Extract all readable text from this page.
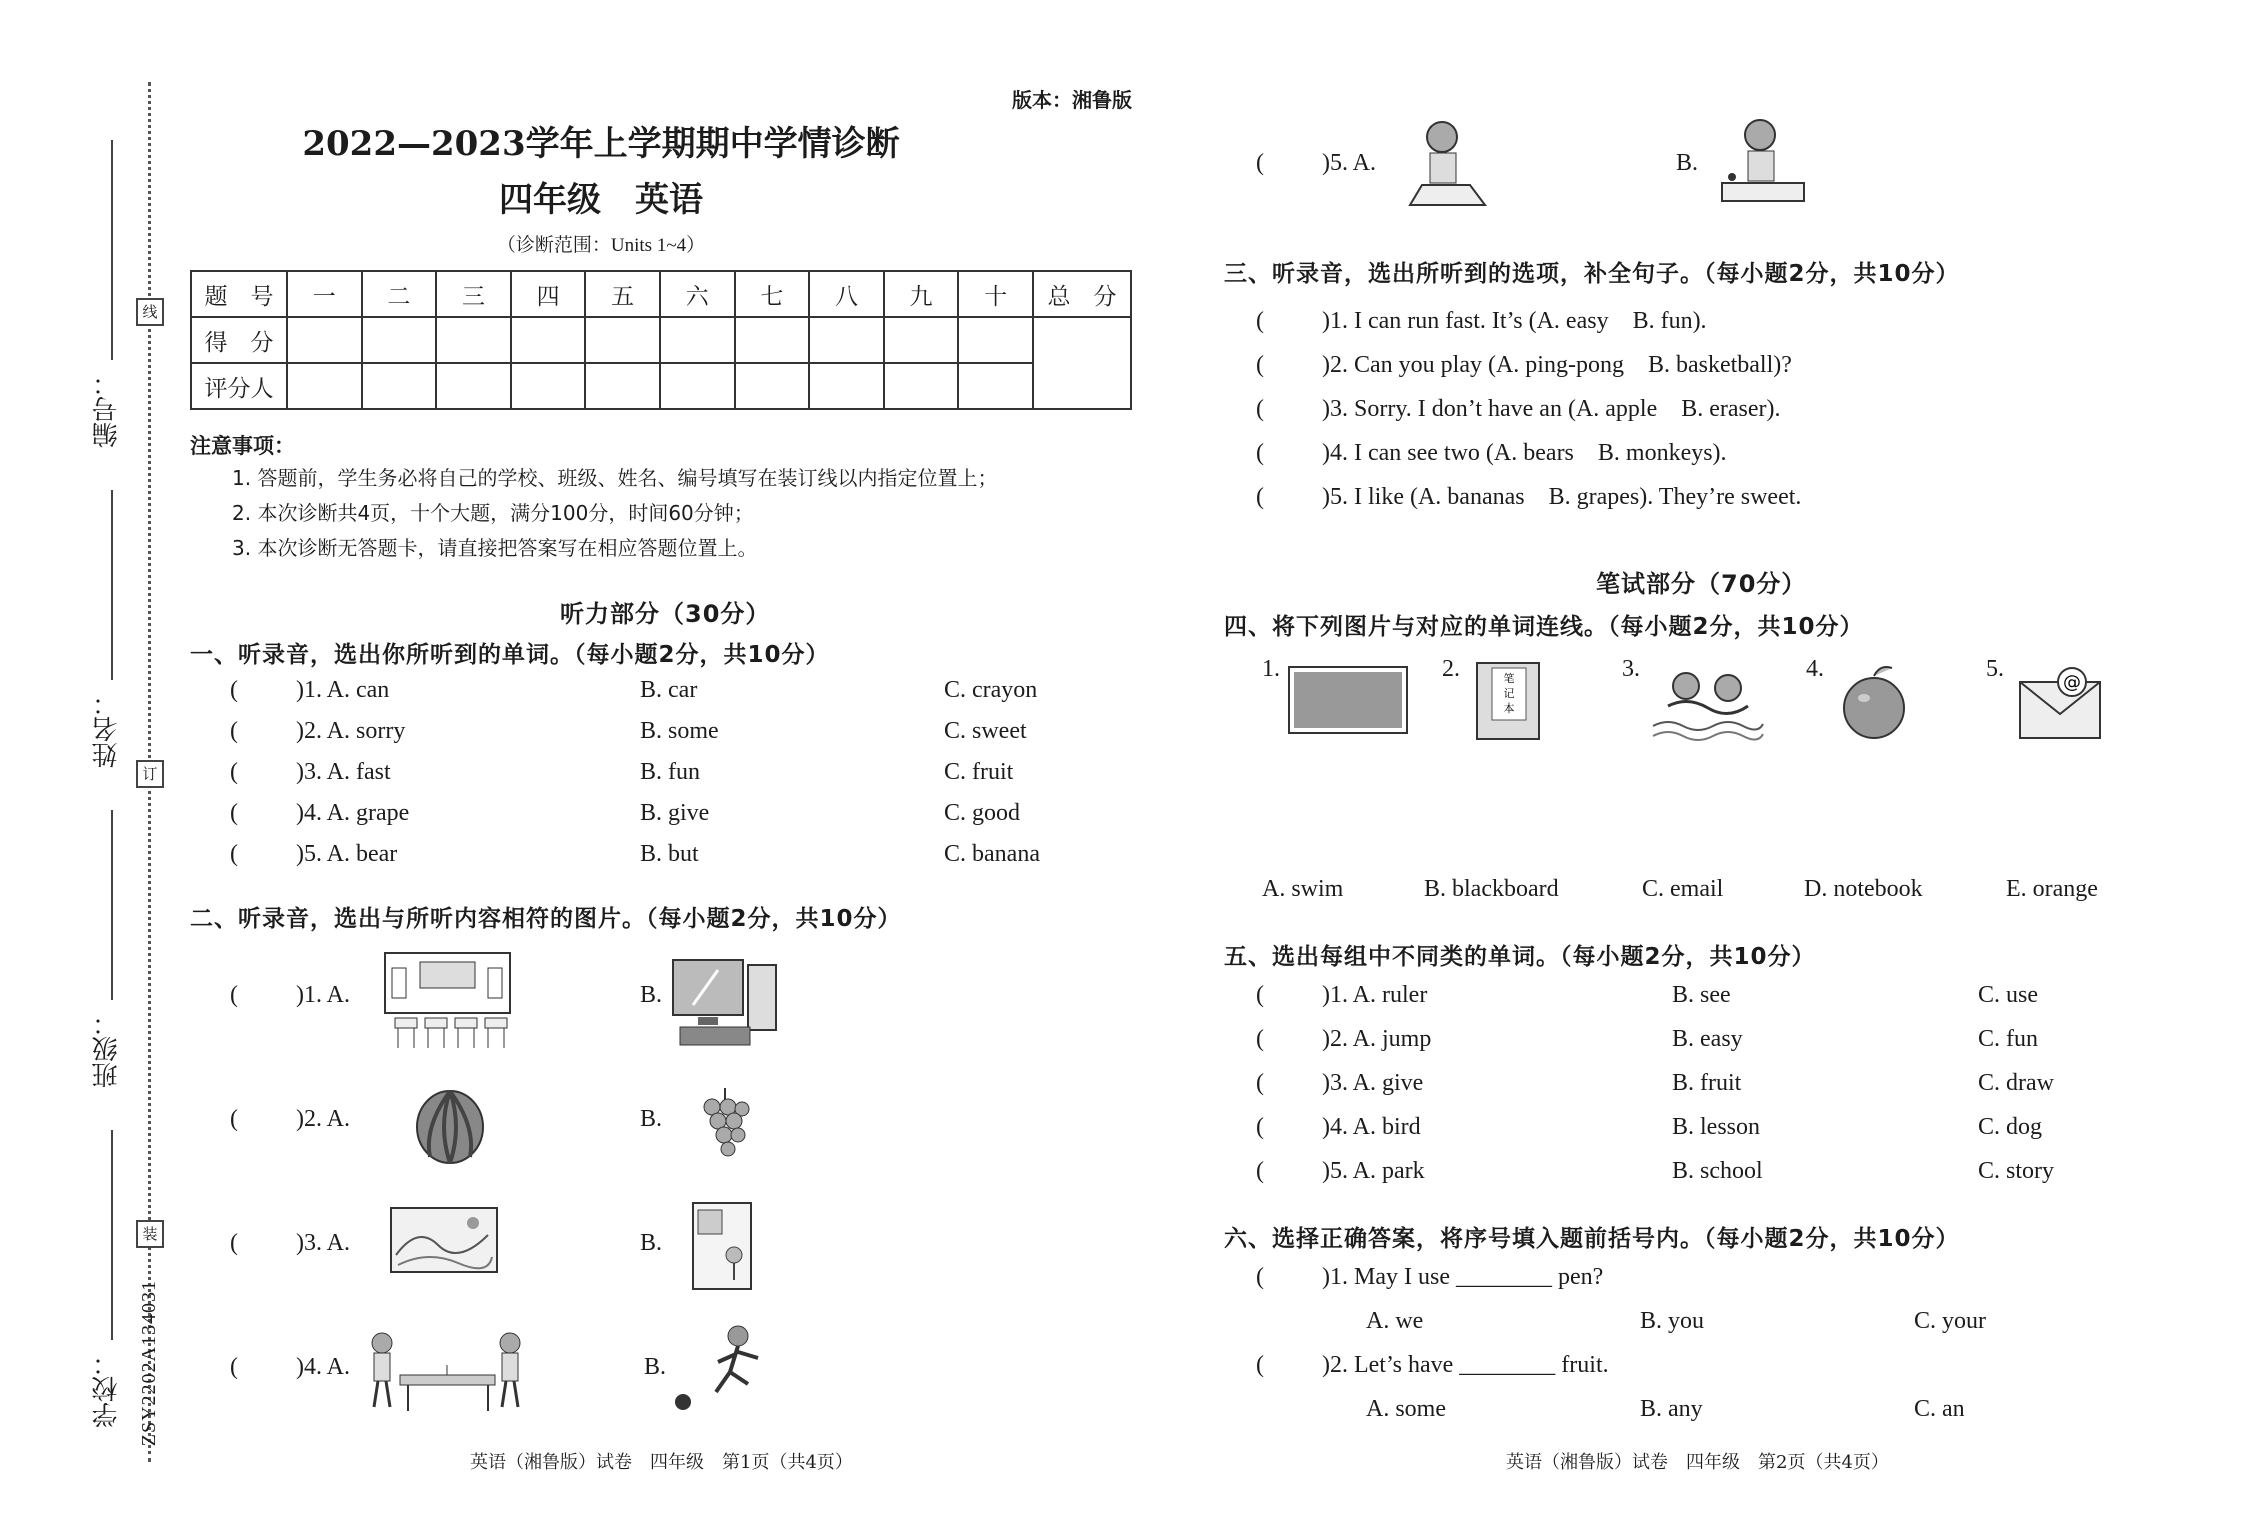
编号：
姓名：
班级：
学校：
线
订
装
ZSY2202A134031
版本：湘鲁版
2022—2023学年上学期期中学情诊断
四年级　英语
（诊断范围：Units 1~4）
题　号	一	二	三	四	五	六	七	八	九	十	总　分
得　分											
评分人											
注意事项：
1. 答题前，学生务必将自己的学校、班级、姓名、编号填写在装订线以内指定位置上；
2. 本次诊断共4页，十个大题，满分100分，时间60分钟；
3. 本次诊断无答题卡，请直接把答案写在相应答题位置上。
听力部分（30分）
一、听录音，选出你所听到的单词。（每小题2分，共10分）
( )1. A. can	B. car	C. crayon
( )2. A. sorry	B. some	C. sweet
( )3. A. fast	B. fun	C. fruit
( )4. A. grape	B. give	C. good
( )5. A. bear	B. but	C. banana
二、听录音，选出与所听内容相符的图片。（每小题2分，共10分）
( )1. A.	B.
( )2. A.	B.
( )3. A.	B.
( )4. A.	B.
英语（湘鲁版）试卷　四年级　第1页（共4页）
( )5. A.	B.
三、听录音，选出所听到的选项，补全句子。（每小题2分，共10分）
( )1. I can run fast. It’s (A. easy　B. fun).
( )2. Can you play (A. ping-pong　B. basketball)?
( )3. Sorry. I don’t have an (A. apple　B. eraser).
( )4. I can see two (A. bears　B. monkeys).
( )5. I like (A. bananas　B. grapes). They’re sweet.
笔试部分（70分）
四、将下列图片与对应的单词连线。（每小题2分，共10分）
1.	2.	笔
记
本
3.	4.	5.
@
A. swim	B. blackboard	C. email	D. notebook	E. orange
五、选出每组中不同类的单词。（每小题2分，共10分）
( )1. A. ruler	B. see	C. use
( )2. A. jump	B. easy	C. fun
( )3. A. give	B. fruit	C. draw
( )4. A. bird	B. lesson	C. dog
( )5. A. park	B. school	C. story
六、选择正确答案，将序号填入题前括号内。（每小题2分，共10分）
( )1. May I use ________ pen?
A. we	B. you	C. your
( )2. Let’s have ________ fruit.
A. some	B. any	C. an
英语（湘鲁版）试卷　四年级　第2页（共4页）
